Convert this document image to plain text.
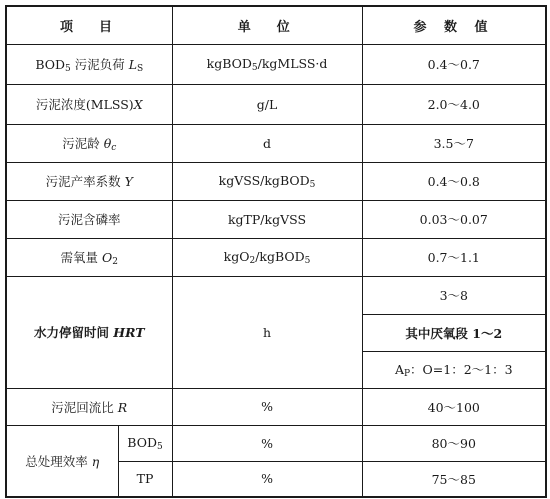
项　目		单　位	参 数 值
$BOD_5$ 污泥负荷 $L_S$		kgBOD$_5$/kgMLSS·d	0.4～0.7
污泥浓度(MLSS)X		g/L	2.0～4.0
污泥龄 $\theta_c$		d	3.5～7
污泥产率系数 Y		kgVSS/kgBOD$_5$	0.4～0.8
污泥含磷率		kgTP/kgVSS	0.03～0.07
需氧量 $O_2$		kgO$_2$/kgBOD$_5$	0.7～1.1
水力停留时间 HRT		h	3～8
			其中厌氧段 1～2
			$A_P$：O=1：2～1：3
污泥回流比 R		%	40～100
总处理效率 η	$BOD_5$	%	80～90
	TP	%	75～85
